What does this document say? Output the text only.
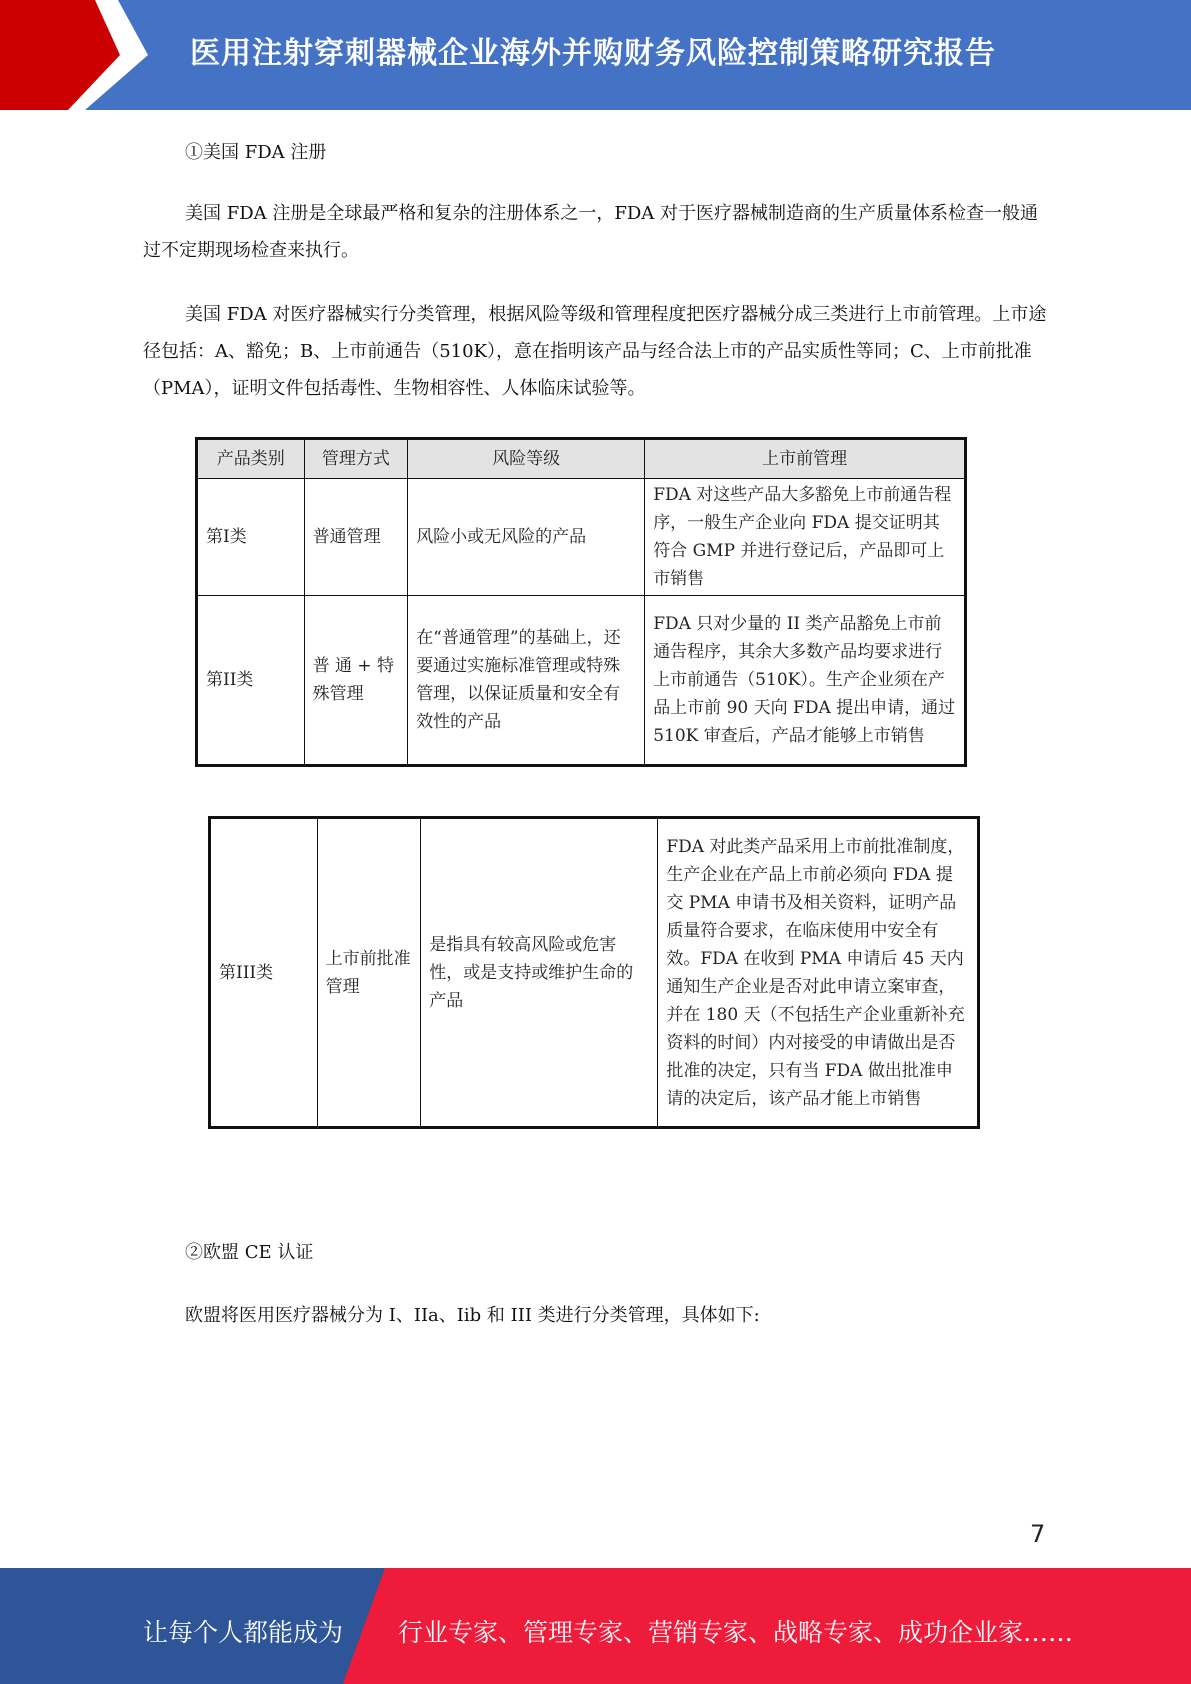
医用注射穿刺器械企业海外并购财务风险控制策略研究报告

①美国 FDA 注册

美国 FDA 注册是全球最严格和复杂的注册体系之一，FDA 对于医疗器械制造商的生产质量体系检查一般通过不定期现场检查来执行。

美国 FDA 对医疗器械实行分类管理，根据风险等级和管理程度把医疗器械分成三类进行上市前管理。上市途径包括：A、豁免；B、上市前通告（510K），意在指明该产品与经合法上市的产品实质性等同；C、上市前批准（PMA），证明文件包括毒性、生物相容性、人体临床试验等。

产品类别	管理方式	风险等级	上市前管理
第I类	普通管理	风险小或无风险的产品	FDA 对这些产品大多豁免上市前通告程序，一般生产企业向 FDA 提交证明其符合 GMP 并进行登记后，产品即可上市销售
第II类	普 通 + 特殊管理	在“普通管理”的基础上，还要通过实施标准管理或特殊管理，以保证质量和安全有效性的产品	FDA 只对少量的 II 类产品豁免上市前通告程序，其余大多数产品均要求进行上市前通告（510K）。生产企业须在产品上市前 90 天向 FDA 提出申请，通过 510K 审查后，产品才能够上市销售
第III类	上市前批准管理	是指具有较高风险或危害性，或是支持或维护生命的产品	FDA 对此类产品采用上市前批准制度，生产企业在产品上市前必须向 FDA 提交 PMA 申请书及相关资料，证明产品质量符合要求，在临床使用中安全有效。FDA 在收到 PMA 申请后 45 天内通知生产企业是否对此申请立案审查，并在 180 天（不包括生产企业重新补充资料的时间）内对接受的申请做出是否批准的决定，只有当 FDA 做出批准申请的决定后，该产品才能上市销售

②欧盟 CE 认证

欧盟将医用医疗器械分为 I、IIa、Iib 和 III 类进行分类管理，具体如下:

7
让每个人都能成为 行业专家、管理专家、营销专家、战略专家、成功企业家……
